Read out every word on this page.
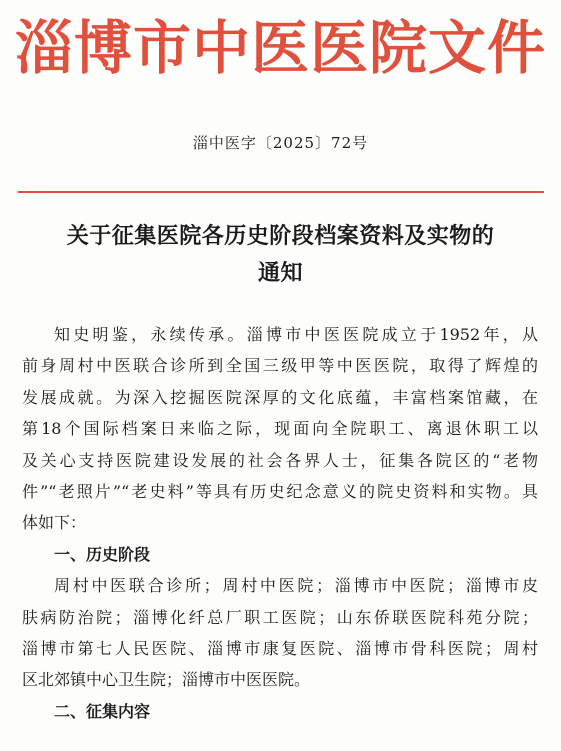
淄博市中医医院文件
淄中医字〔2025〕72号
关于征集医院各历史阶段档案资料及实物的
通知
知史明鉴，永续传承。淄博市中医医院成立于1952年，从
前身周村中医联合诊所到全国三级甲等中医医院，取得了辉煌的
发展成就。为深入挖掘医院深厚的文化底蕴，丰富档案馆藏，在
第18个国际档案日来临之际，现面向全院职工、离退休职工以
及关心支持医院建设发展的社会各界人士，征集各院区的“老物
件”“老照片”“老史料”等具有历史纪念意义的院史资料和实物。具
体如下：
一、历史阶段
周村中医联合诊所；周村中医院；淄博市中医院；淄博市皮
肤病防治院；淄博化纤总厂职工医院；山东侨联医院科苑分院；
淄博市第七人民医院、淄博市康复医院、淄博市骨科医院；周村
区北郊镇中心卫生院；淄博市中医医院。
二、征集内容
